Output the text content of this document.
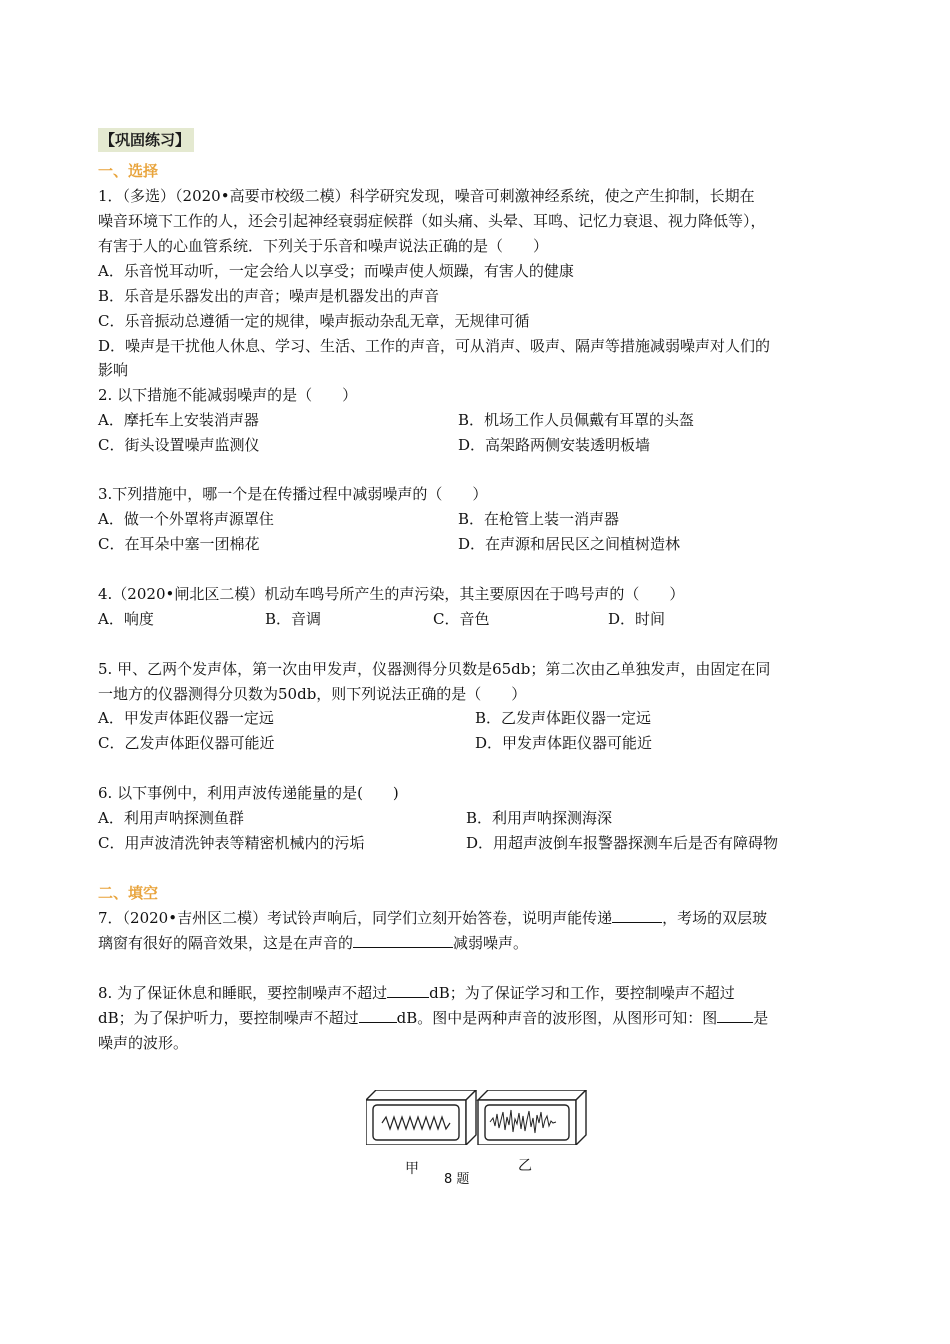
【巩固练习】
一、选择
1．（多选）（2020•高要市校级二模）科学研究发现，噪音可刺激神经系统，使之产生抑制，长期在
噪音环境下工作的人，还会引起神经衰弱症候群（如头痛、头晕、耳鸣、记忆力衰退、视力降低等），
有害于人的心血管系统．下列关于乐音和噪声说法正确的是（　　）
A．乐音悦耳动听，一定会给人以享受；而噪声使人烦躁，有害人的健康
B．乐音是乐器发出的声音；噪声是机器发出的声音
C．乐音振动总遵循一定的规律，噪声振动杂乱无章，无规律可循
D．噪声是干扰他人休息、学习、生活、工作的声音，可从消声、吸声、隔声等措施减弱噪声对人们的
影响
2. 以下措施不能减弱噪声的是（　　）
A．摩托车上安装消声器	B．机场工作人员佩戴有耳罩的头盔
C．街头设置噪声监测仪	D．高架路两侧安装透明板墙
3.下列措施中，哪一个是在传播过程中减弱噪声的（　　）
A．做一个外罩将声源罩住	B．在枪管上装一消声器
C．在耳朵中塞一团棉花	D．在声源和居民区之间植树造林
4.（2020•闸北区二模）机动车鸣号所产生的声污染，其主要原因在于鸣号声的（　　）
A．响度	B．音调	C．音色	D．时间
5. 甲、乙两个发声体，第一次由甲发声，仪器测得分贝数是65db；第二次由乙单独发声，由固定在同
一地方的仪器测得分贝数为50db，则下列说法正确的是（　　）
A．甲发声体距仪器一定远	B．乙发声体距仪器一定远
C．乙发声体距仪器可能近	D．甲发声体距仪器可能近
6. 以下事例中，利用声波传递能量的是(　　)
A．利用声呐探测鱼群	B．利用声呐探测海深
C．用声波清洗钟表等精密机械内的污垢	D．用超声波倒车报警器探测车后是否有障碍物
二、填空
7．（2020•吉州区二模）考试铃声响后，同学们立刻开始答卷，说明声能传递	，考场的双层玻
璃窗有很好的隔音效果，这是在声音的	减弱噪声。
8. 为了保证休息和睡眠，要控制噪声不超过	dB；为了保证学习和工作，要控制噪声不超过
dB；为了保护听力，要控制噪声不超过	dB。图中是两种声音的波形图，从图形可知：图 是
噪声的波形。
甲	乙
8 题
